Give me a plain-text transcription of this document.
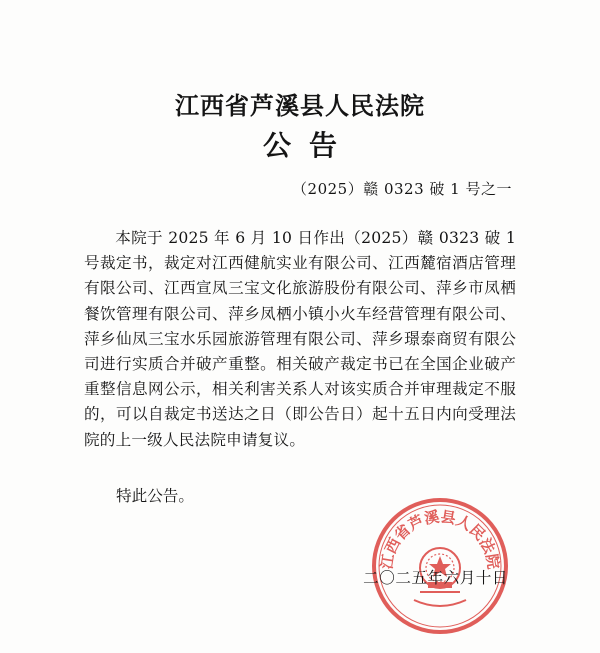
江西省芦溪县人民法院
公告
（2025）赣 0323 破 1 号之一

本院于 2025 年 6 月 10 日作出（2025）赣 0323 破 1 号裁定书，裁定对江西健航实业有限公司、江西麓宿酒店管理有限公司、江西宣凤三宝文化旅游股份有限公司、萍乡市凤栖餐饮管理有限公司、萍乡凤栖小镇小火车经营管理有限公司、萍乡仙凤三宝水乐园旅游管理有限公司、萍乡璟泰商贸有限公司进行实质合并破产重整。相关破产裁定书已在全国企业破产重整信息网公示，相关利害关系人对该实质合并审理裁定不服的，可以自裁定书送达之日（即公告日）起十五日内向受理法院的上一级人民法院申请复议。

特此公告。

江西省芦溪县人民法院
二〇二五年六月十日
